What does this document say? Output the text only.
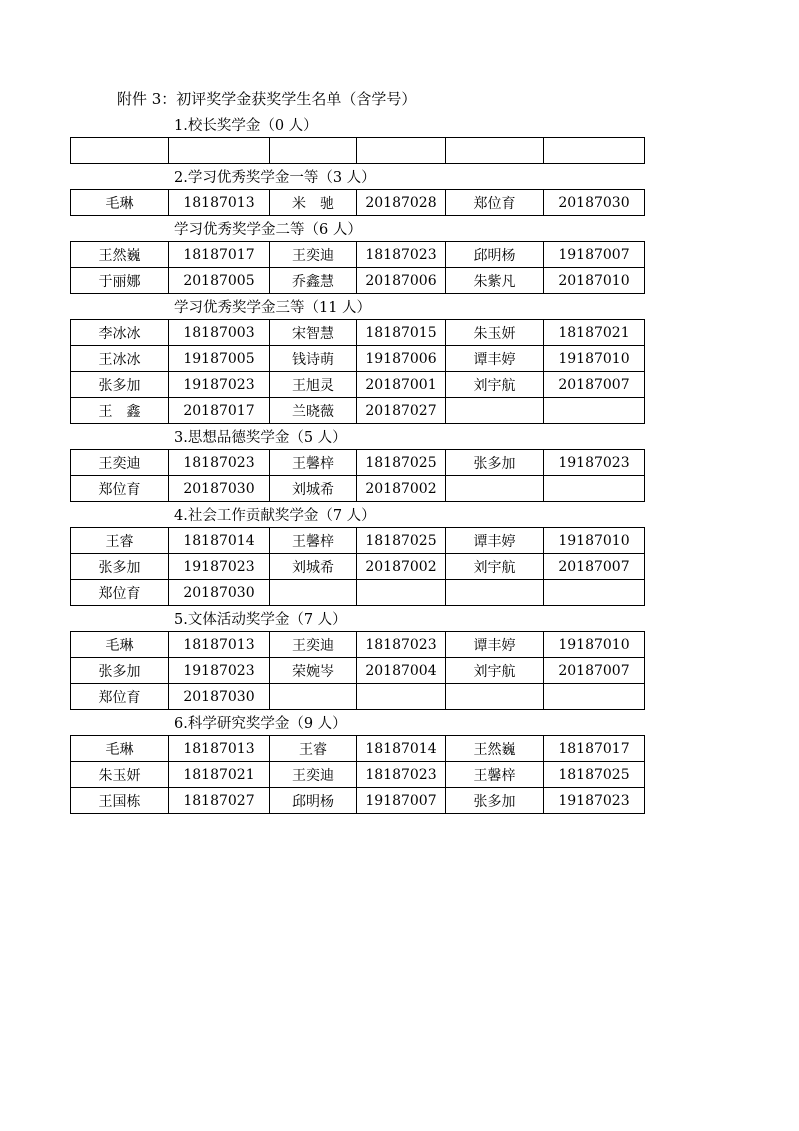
附件 3：初评奖学金获奖学生名单（含学号）
1.校长奖学金（0 人）

2.学习优秀奖学金一等（3 人）
毛琳	18187013	米　驰	20187028	郑位育	20187030
学习优秀奖学金二等（6 人）
王然巍	18187017	王奕迪	18187023	邱明杨	19187007
于丽娜	20187005	乔鑫慧	20187006	朱紫凡	20187010
学习优秀奖学金三等（11 人）
李冰冰	18187003	宋智慧	18187015	朱玉妍	18187021
王冰冰	19187005	钱诗萌	19187006	谭丰婷	19187010
张多加	19187023	王旭灵	20187001	刘宇航	20187007
王　鑫	20187017	兰晓薇	20187027		
3.思想品德奖学金（5 人）
王奕迪	18187023	王馨梓	18187025	张多加	19187023
郑位育	20187030	刘城希	20187002		
4.社会工作贡献奖学金（7 人）
王睿	18187014	王馨梓	18187025	谭丰婷	19187010
张多加	19187023	刘城希	20187002	刘宇航	20187007
郑位育	20187030				
5.文体活动奖学金（7 人）
毛琳	18187013	王奕迪	18187023	谭丰婷	19187010
张多加	19187023	荣婉岑	20187004	刘宇航	20187007
郑位育	20187030				
6.科学研究奖学金（9 人）
毛琳	18187013	王睿	18187014	王然巍	18187017
朱玉妍	18187021	王奕迪	18187023	王馨梓	18187025
王国栋	18187027	邱明杨	19187007	张多加	19187023
